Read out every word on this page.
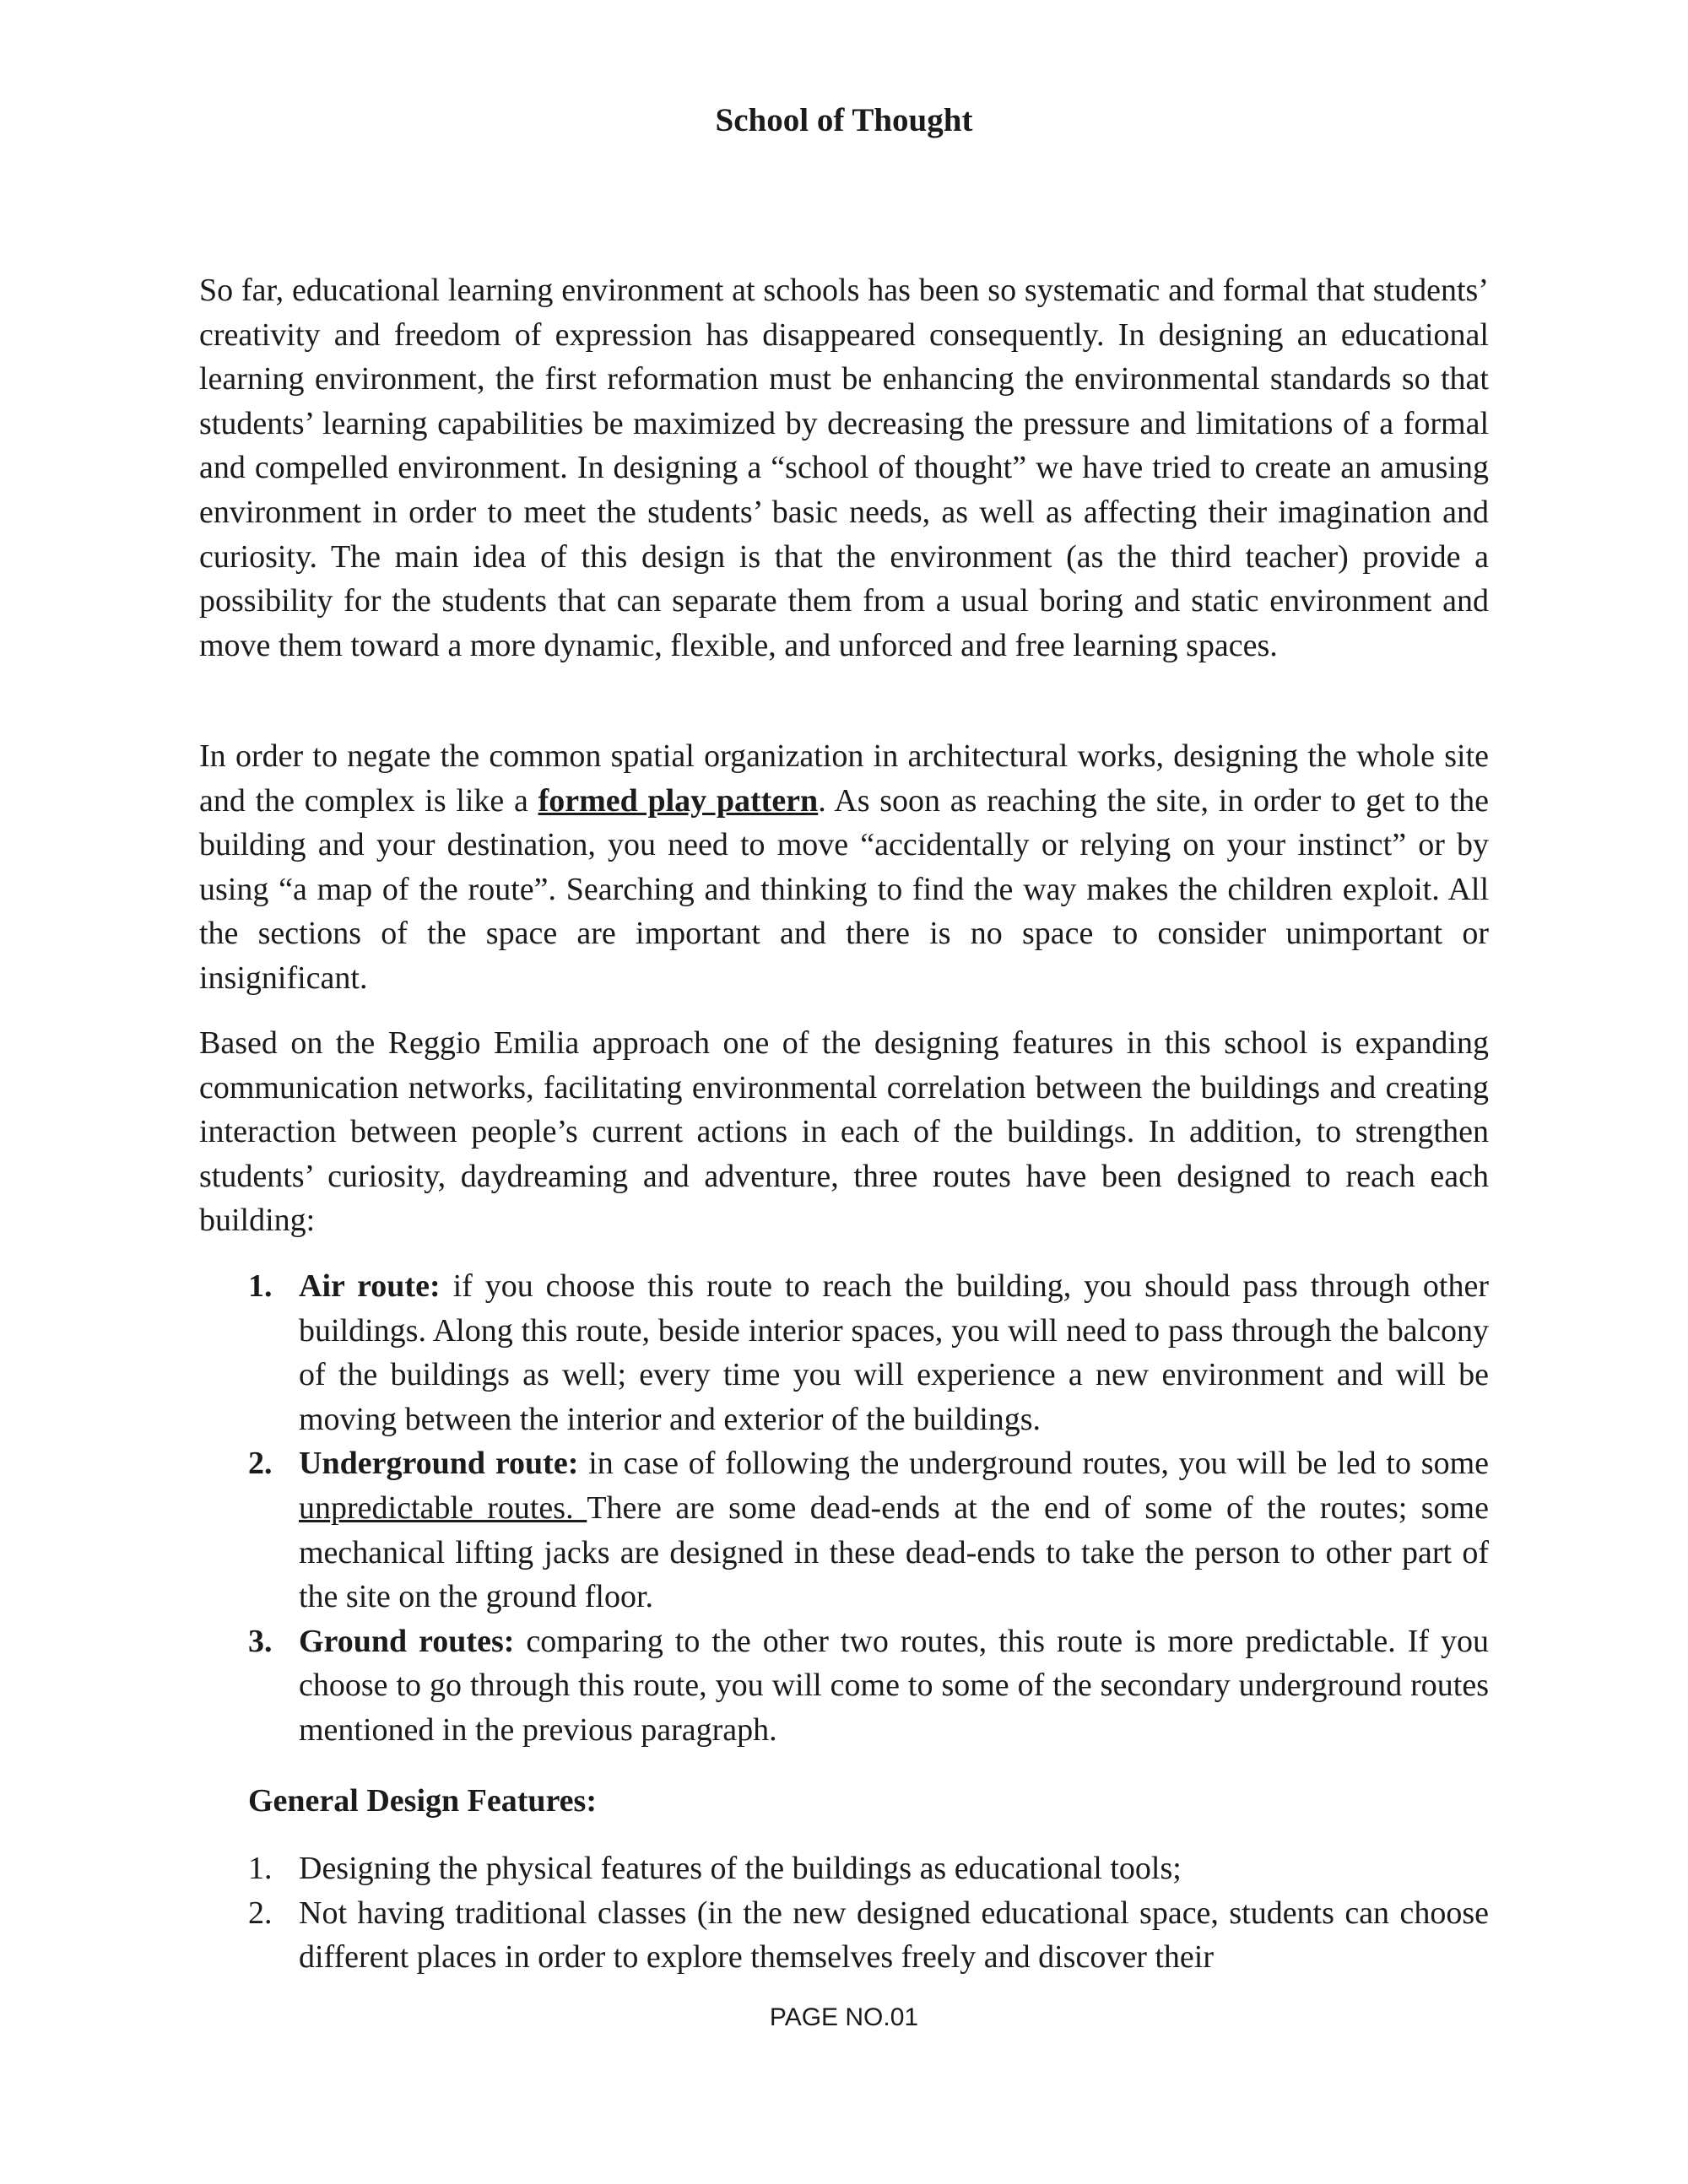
School of Thought

So far, educational learning environment at schools has been so systematic and formal that students’ creativity and freedom of expression has disappeared consequently. In designing an educational learning environment, the first reformation must be enhancing the environmental standards so that students’ learning capabilities be maximized by decreasing the pressure and limitations of a formal and compelled environment. In designing a “school of thought” we have tried to create an amusing environment in order to meet the students’ basic needs, as well as affecting their imagination and curiosity. The main idea of this design is that the environment (as the third teacher) provide a possibility for the students that can separate them from a usual boring and static environment and move them toward a more dynamic, flexible, and unforced and free learning spaces.

In order to negate the common spatial organization in architectural works, designing the whole site and the complex is like a formed play pattern. As soon as reaching the site, in order to get to the building and your destination, you need to move “accidentally or relying on your instinct” or by using “a map of the route”. Searching and thinking to find the way makes the children exploit. All the sections of the space are important and there is no space to consider unimportant or insignificant.

Based on the Reggio Emilia approach one of the designing features in this school is expanding communication networks, facilitating environmental correlation between the buildings and creating interaction between people’s current actions in each of the buildings. In addition, to strengthen students’ curiosity, daydreaming and adventure, three routes have been designed to reach each building:

1. Air route: if you choose this route to reach the building, you should pass through other buildings. Along this route, beside interior spaces, you will need to pass through the balcony of the buildings as well; every time you will experience a new environment and will be moving between the interior and exterior of the buildings.
2. Underground route: in case of following the underground routes, you will be led to some unpredictable routes. There are some dead-ends at the end of some of the routes; some mechanical lifting jacks are designed in these dead-ends to take the person to other part of the site on the ground floor.
3. Ground routes: comparing to the other two routes, this route is more predictable. If you choose to go through this route, you will come to some of the secondary underground routes mentioned in the previous paragraph.
General Design Features:
1. Designing the physical features of the buildings as educational tools;
2. Not having traditional classes (in the new designed educational space, students can choose different places in order to explore themselves freely and discover their
PAGE NO.01
